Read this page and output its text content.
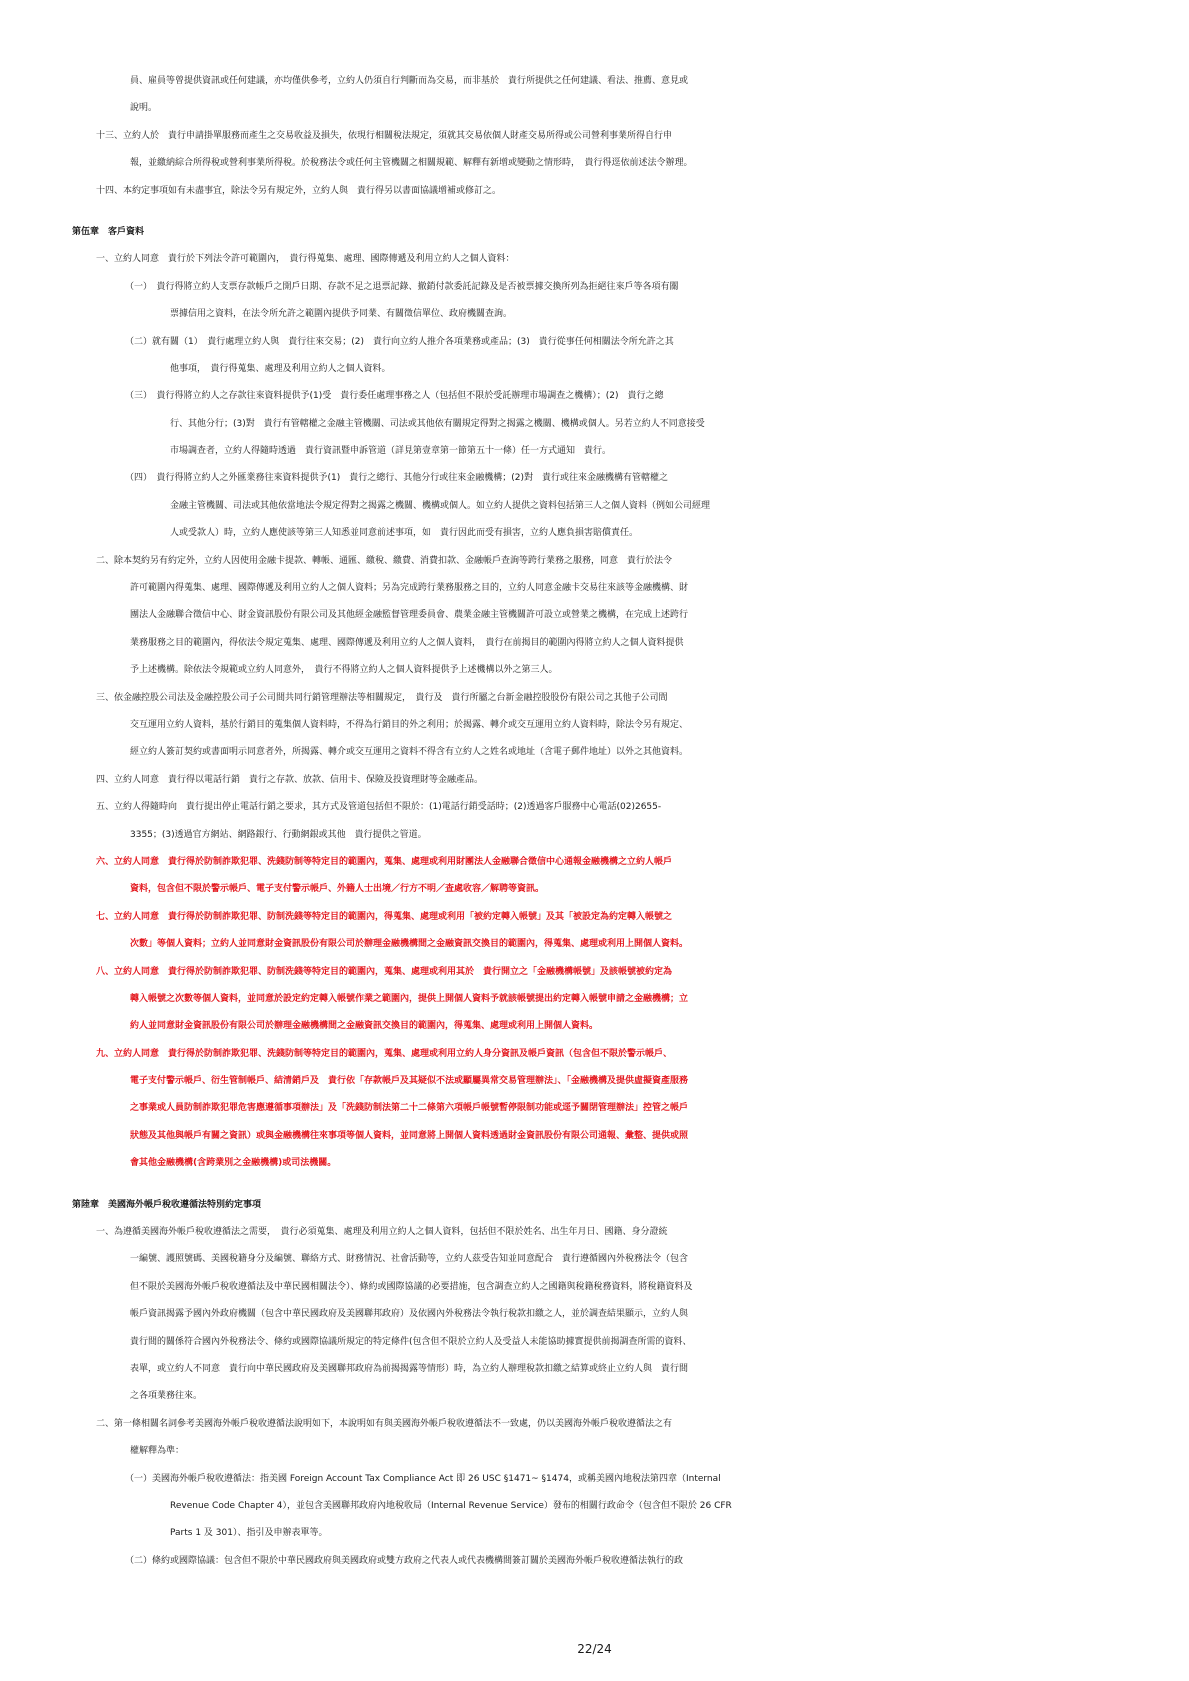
員、雇員等曾提供資訊或任何建議，亦均僅供參考，立約人仍須自行判斷而為交易，而非基於　貴行所提供之任何建議、看法、推薦、意見或
說明。
十三、立約人於　貴行申請掛單服務而產生之交易收益及損失，依現行相關稅法規定，須就其交易依個人財產交易所得或公司營利事業所得自行申
報，並繳納綜合所得稅或營利事業所得稅。於稅務法令或任何主管機關之相關規範、解釋有新增或變動之情形時，　貴行得逕依前述法令辦理。
十四、本約定事項如有未盡事宜，除法令另有規定外，立約人與　貴行得另以書面協議增補或修訂之。
第伍章　客戶資料
一、立約人同意　貴行於下列法令許可範圍內，　貴行得蒐集、處理、國際傳遞及利用立約人之個人資料：
（一）　貴行得將立約人支票存款帳戶之開戶日期、存款不足之退票記錄、撤銷付款委託記錄及是否被票據交換所列為拒絕往來戶等各項有關
票據信用之資料，在法令所允許之範圍內提供予同業、有關徵信單位、政府機關查詢。
（二）就有關（1）　貴行處理立約人與　貴行往來交易；(2)　貴行向立約人推介各項業務或產品；(3)　貴行從事任何相關法令所允許之其
他事項，　貴行得蒐集、處理及利用立約人之個人資料。
（三）　貴行得將立約人之存款往來資料提供予(1)受　貴行委任處理事務之人（包括但不限於受託辦理市場調查之機構）；(2)　貴行之總
行、其他分行；(3)對　貴行有管轄權之金融主管機關、司法或其他依有關規定得對之揭露之機關、機構或個人。另若立約人不同意接受
市場調查者，立約人得隨時透過　貴行資訊暨申訴管道（詳見第壹章第一節第五十一條）任一方式通知　貴行。
（四）　貴行得將立約人之外匯業務往來資料提供予(1)　貴行之總行、其他分行或往來金融機構；(2)對　貴行或往來金融機構有管轄權之
金融主管機關、司法或其他依當地法令規定得對之揭露之機關、機構或個人。如立約人提供之資料包括第三人之個人資料（例如公司經理
人或受款人）時，立約人應使該等第三人知悉並同意前述事項，如　貴行因此而受有損害，立約人應負損害賠償責任。
二、除本契約另有約定外，立約人因使用金融卡提款、轉帳、通匯、繳稅、繳費、消費扣款、金融帳戶查詢等跨行業務之服務，同意　貴行於法令
許可範圍內得蒐集、處理、國際傳遞及利用立約人之個人資料；另為完成跨行業務服務之目的，立約人同意金融卡交易往來該等金融機構、財
團法人金融聯合徵信中心、財金資訊股份有限公司及其他經金融監督管理委員會、農業金融主管機關許可設立或營業之機構，在完成上述跨行
業務服務之目的範圍內，得依法令規定蒐集、處理、國際傳遞及利用立約人之個人資料，　貴行在前揭目的範圍內得將立約人之個人資料提供
予上述機構。除依法令規範或立約人同意外，　貴行不得將立約人之個人資料提供予上述機構以外之第三人。
三、依金融控股公司法及金融控股公司子公司間共同行銷管理辦法等相關規定，　貴行及　貴行所屬之台新金融控股股份有限公司之其他子公司間
交互運用立約人資料，基於行銷目的蒐集個人資料時，不得為行銷目的外之利用；於揭露、轉介或交互運用立約人資料時，除法令另有規定、
經立約人簽訂契約或書面明示同意者外，所揭露、轉介或交互運用之資料不得含有立約人之姓名或地址（含電子郵件地址）以外之其他資料。
四、立約人同意　貴行得以電話行銷　貴行之存款、放款、信用卡、保險及投資理財等金融產品。
五、立約人得隨時向　貴行提出停止電話行銷之要求，其方式及管道包括但不限於：(1)電話行銷受話時；(2)透過客戶服務中心電話(02)2655-
3355；(3)透過官方網站、網路銀行、行動網銀或其他　貴行提供之管道。
六、立約人同意　貴行得於防制詐欺犯罪、洗錢防制等特定目的範圍內，蒐集、處理或利用財團法人金融聯合徵信中心通報金融機構之立約人帳戶
資料，包含但不限於警示帳戶、電子支付警示帳戶、外籍人士出境／行方不明／查處收容／解聘等資訊。
七、立約人同意　貴行得於防制詐欺犯罪、防制洗錢等特定目的範圍內，得蒐集、處理或利用「被約定轉入帳號」及其「被設定為約定轉入帳號之
次數」等個人資料；立約人並同意財金資訊股份有限公司於辦理金融機構間之金融資訊交換目的範圍內，得蒐集、處理或利用上開個人資料。
八、立約人同意　貴行得於防制詐欺犯罪、防制洗錢等特定目的範圍內，蒐集、處理或利用其於　貴行開立之「金融機構帳號」及該帳號被約定為
轉入帳號之次數等個人資料，並同意於設定約定轉入帳號作業之範圍內，提供上開個人資料予就該帳號提出約定轉入帳號申請之金融機構；立
約人並同意財金資訊股份有限公司於辦理金融機構間之金融資訊交換目的範圍內，得蒐集、處理或利用上開個人資料。
九、立約人同意　貴行得於防制詐欺犯罪、洗錢防制等特定目的範圍內，蒐集、處理或利用立約人身分資訊及帳戶資訊（包含但不限於警示帳戶、
電子支付警示帳戶、衍生管制帳戶、結清銷戶及　貴行依「存款帳戶及其疑似不法或顯屬異常交易管理辦法」、「金融機構及提供虛擬資產服務
之事業或人員防制詐欺犯罪危害應遵循事項辦法」及「洗錢防制法第二十二條第六項帳戶帳號暫停限制功能或逕予關閉管理辦法」控管之帳戶
狀態及其他與帳戶有關之資訊）或與金融機構往來事項等個人資料，並同意將上開個人資料透過財金資訊股份有限公司通報、彙整、提供或照
會其他金融機構(含跨業別之金融機構)或司法機關。
第陸章　美國海外帳戶稅收遵循法特別約定事項
一、為遵循美國海外帳戶稅收遵循法之需要，　貴行必須蒐集、處理及利用立約人之個人資料，包括但不限於姓名、出生年月日、國籍、身分證統
一編號、護照號碼、美國稅籍身分及編號、聯絡方式、財務情況、社會活動等，立約人茲受告知並同意配合　貴行遵循國內外稅務法令（包含
但不限於美國海外帳戶稅收遵循法及中華民國相關法令）、條約或國際協議的必要措施，包含調查立約人之國籍與稅籍稅務資料，將稅籍資料及
帳戶資訊揭露予國內外政府機關（包含中華民國政府及美國聯邦政府）及依國內外稅務法令執行稅款扣繳之人，並於調查結果顯示，立約人與
貴行間的關係符合國內外稅務法令、條約或國際協議所規定的特定條件(包含但不限於立約人及受益人未能協助據實提供前揭調查所需的資料、
表單，或立約人不同意　貴行向中華民國政府及美國聯邦政府為前揭揭露等情形）時，為立約人辦理稅款扣繳之結算或終止立約人與　貴行間
之各項業務往來。
二、第一條相關名詞參考美國海外帳戶稅收遵循法說明如下，本說明如有與美國海外帳戶稅收遵循法不一致處，仍以美國海外帳戶稅收遵循法之有
權解釋為準：
（一）美國海外帳戶稅收遵循法：指美國 Foreign Account Tax Compliance Act 即 26 USC §1471~ §1474，或稱美國內地稅法第四章（Internal
Revenue Code Chapter 4），並包含美國聯邦政府內地稅收局（Internal Revenue Service）發布的相關行政命令（包含但不限於 26 CFR
Parts 1 及 301）、指引及申辦表單等。
（二）條約或國際協議：包含但不限於中華民國政府與美國政府或雙方政府之代表人或代表機構間簽訂關於美國海外帳戶稅收遵循法執行的政
22/24
